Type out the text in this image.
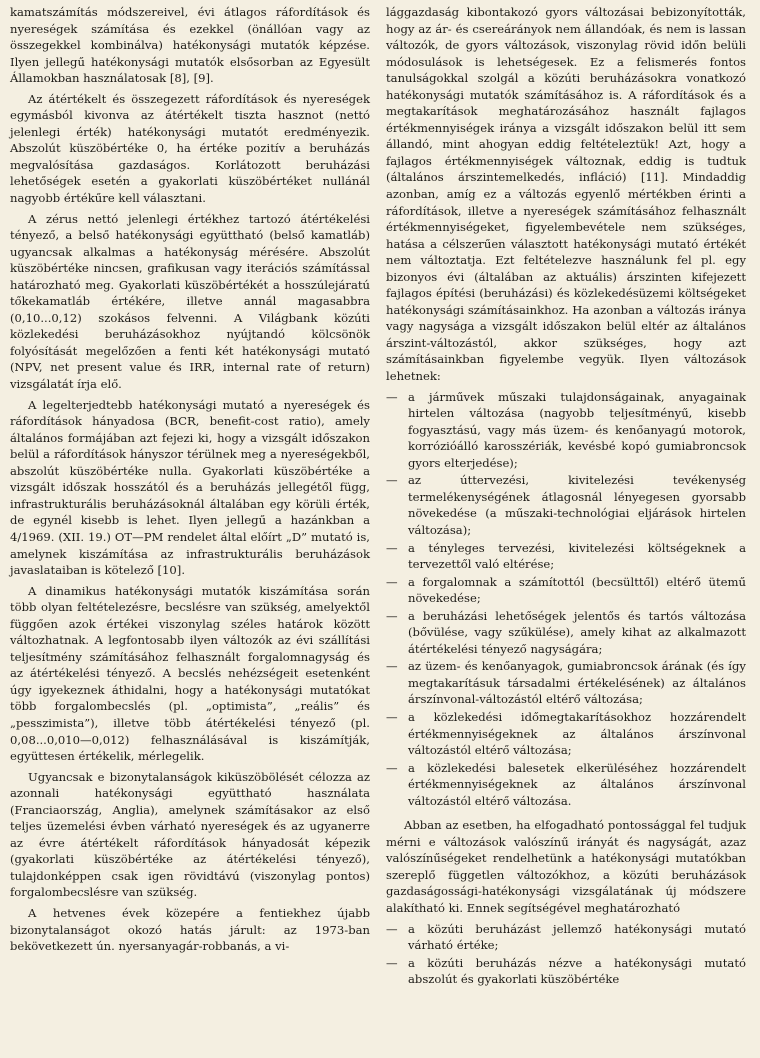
kamatszámítás módszereivel, évi átlagos ráfordítások és nyereségek számítása és ezekkel (önállóan vagy az összegekkel kombinálva) hatékonysági mutatók képzése. Ilyen jellegű hatékonysági mutatók elsősorban az Egyesült Államokban használatosak [8], [9].

Az átértékelt és összegezett ráfordítások és nyereségek egymásból kivonva az átértékelt tiszta hasznot (nettó jelenlegi érték) hatékonysági mutatót eredményezik. Abszolút küszöbértéke 0, ha értéke pozitív a beruházás megvalósítása gazdaságos. Korlátozott beruházási lehetőségek esetén a gyakorlati küszöbértéket nullánál nagyobb értékűre kell választani.

A zérus nettó jelenlegi értékhez tartozó átértékelési tényező, a belső hatékonysági együttható (belső kamatláb) ugyancsak alkalmas a hatékonyság mérésére. Abszolút küszöbértéke nincsen, grafikusan vagy iterációs számítással határozható meg. Gyakorlati küszöbértékét a hosszúlejáratú tőkekamatláb értékére, illetve annál magasabbra (0,10...0,12) szokásos felvenni. A Világbank közúti közlekedési beruházásokhoz nyújtandó kölcsönök folyósítását megelőzően a fenti két hatékonysági mutató (NPV, net present value és IRR, internal rate of return) vizsgálatát írja elő.

A legelterjedtebb hatékonysági mutató a nyereségek és ráfordítások hányadosa (BCR, benefit-cost ratio), amely általános formájában azt fejezi ki, hogy a vizsgált időszakon belül a ráfordítások hányszor térülnek meg a nyereségekből, abszolút küszöbértéke nulla. Gyakorlati küszöbértéke a vizsgált időszak hosszától és a beruházás jellegétől függ, infrastrukturális beruházásoknál általában egy körüli érték, de egynél kisebb is lehet. Ilyen jellegű a hazánkban a 4/1969. (XII. 19.) OT—PM rendelet által előírt „D” mutató is, amelynek kiszámítása az infrastrukturális beruházások javaslataiban is kötelező [10].

A dinamikus hatékonysági mutatók kiszámítása során több olyan feltételezésre, becslésre van szükség, amelyektől függően azok értékei viszonylag széles határok között változhatnak. A legfontosabb ilyen változók az évi szállítási teljesítmény számításához felhasznált forgalomnagyság és az átértékelési tényező. A becslés nehézségeit esetenként úgy igyekeznek áthidalni, hogy a hatékonysági mutatókat több forgalombecslés (pl. „optimista”, „reális” és „pesszimista”), illetve több átértékelési tényező (pl. 0,08...0,010—0,012) felhasználásával is kiszámítják, együttesen értékelik, mérlegelik.

Ugyancsak e bizonytalanságok kiküszöbölését célozza az azonnali hatékonysági együttható használata (Franciaország, Anglia), amelynek számításakor az első teljes üzemelési évben várható nyereségek és az ugyanerre az évre átértékelt ráfordítások hányadosát képezik (gyakorlati küszöbértéke az átértékelési tényező), tulajdonképpen csak igen rövidtávú (viszonylag pontos) forgalombecslésre van szükség.

A hetvenes évek közepére a fentiekhez újabb bizonytalanságot okozó hatás járult: az 1973-ban bekövetkezett ún. nyersanyagár-robbanás, a vi-

lággazdaság kibontakozó gyors változásai bebizonyították, hogy az ár- és csereárányok nem állandóak, és nem is lassan változók, de gyors változások, viszonylag rövid időn belüli módosulások is lehetségesek. Ez a felismerés fontos tanulságokkal szolgál a közúti beruházásokra vonatkozó hatékonysági mutatók számításához is. A ráfordítások és a megtakarítások meghatározásához használt fajlagos értékmennyiségek iránya a vizsgált időszakon belül itt sem állandó, mint ahogyan eddig feltételeztük! Azt, hogy a fajlagos értékmennyiségek változnak, eddig is tudtuk (általános árszintemelkedés, infláció) [11]. Mindaddig azonban, amíg ez a változás egyenlő mértékben érinti a ráfordítások, illetve a nyereségek számításához felhasznált értékmennyiségeket, figyelembevétele nem szükséges, hatása a célszerűen választott hatékonysági mutató értékét nem változtatja. Ezt feltételezve használunk fel pl. egy bizonyos évi (általában az aktuális) árszinten kifejezett fajlagos építési (beruházási) és közlekedésüzemi költségeket hatékonysági számításainkhoz. Ha azonban a változás iránya vagy nagysága a vizsgált időszakon belül eltér az általános árszint-változástól, akkor szükséges, hogy azt számításainkban figyelembe vegyük. Ilyen változások lehetnek:

— a járművek műszaki tulajdonságainak, anyagainak hirtelen változása (nagyobb teljesítményű, kisebb fogyasztású, vagy más üzem- és kenőanyagú motorok, korrózióálló karosszériák, kevésbé kopó gumiabroncsok gyors elterjedése);
— az úttervezési, kivitelezési tevékenység termelékenységének átlagosnál lényegesen gyorsabb növekedése (a műszaki-technológiai eljárások hirtelen változása);
— a tényleges tervezési, kivitelezési költségeknek a tervezettől való eltérése;
— a forgalomnak a számítottól (becsülttől) eltérő ütemű növekedése;
— a beruházási lehetőségek jelentős és tartós változása (bővülése, vagy szűkülése), amely kihat az alkalmazott átértékelési tényező nagyságára;
— az üzem- és kenőanyagok, gumiabroncsok árának (és így megtakarításuk társadalmi értékelésének) az általános árszínvonal-változástól eltérő változása;
— a közlekedési időmegtakarításokhoz hozzárendelt értékmennyiségeknek az általános árszínvonal változástól eltérő változása;
— a közlekedési balesetek elkerüléséhez hozzárendelt értékmennyiségeknek az általános árszínvonal változástól eltérő változása.

Abban az esetben, ha elfogadható pontossággal fel tudjuk mérni e változások valószínű irányát és nagyságát, azaz valószínűségeket rendelhetünk a hatékonysági mutatókban szereplő független változókhoz, a közúti beruházások gazdaságossági-hatékonysági vizsgálatának új módszere alakítható ki. Ennek segítségével meghatározható

— a közúti beruházást jellemző hatékonysági mutató várható értéke;
— a közúti beruházás nézve a hatékonysági mutató abszolút és gyakorlati küszöbértéke
